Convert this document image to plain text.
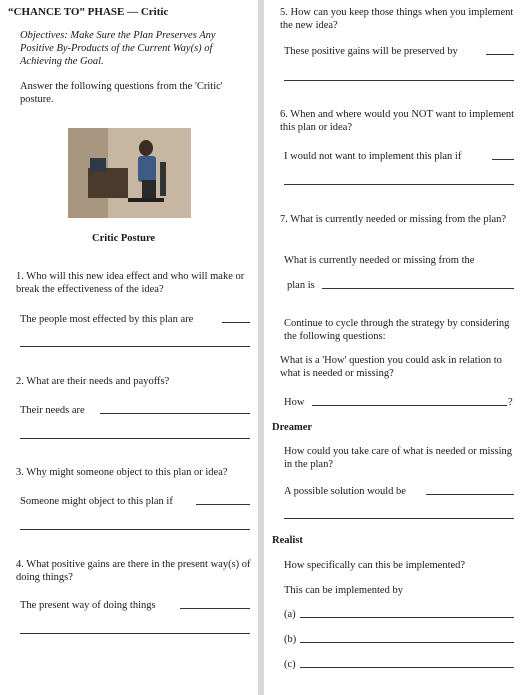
“CHANCE TO” PHASE — Critic
Objectives: Make Sure the Plan Preserves Any Positive By-Products of the Current Way(s) of Achieving the Goal.
Answer the following questions from the 'Critic' posture.
Critic Posture
1. Who will this new idea effect and who will make or break the effectiveness of the idea?
The people most effected by this plan are
2. What are their needs and payoffs?
Their needs are
3. Why might someone object to this plan or idea?
Someone might object to this plan if
4. What positive gains are there in the present way(s) of doing things?
The present way of doing things
5. How can you keep those things when you implement the new idea?
These positive gains will be preserved by
6. When and where would you NOT want to implement this plan or idea?
I would not want to implement this plan if
7. What is currently needed or missing from the plan?
What is currently needed or missing from the
plan is
Continue to cycle through the strategy by considering the following questions:
What is a 'How' question you could ask in relation to what is needed or missing?
How	?
Dreamer
How could you take care of what is needed or missing in the plan?
A possible solution would be
Realist
How specifically can this be implemented?
This can be implemented by
(a)
(b)
(c)
